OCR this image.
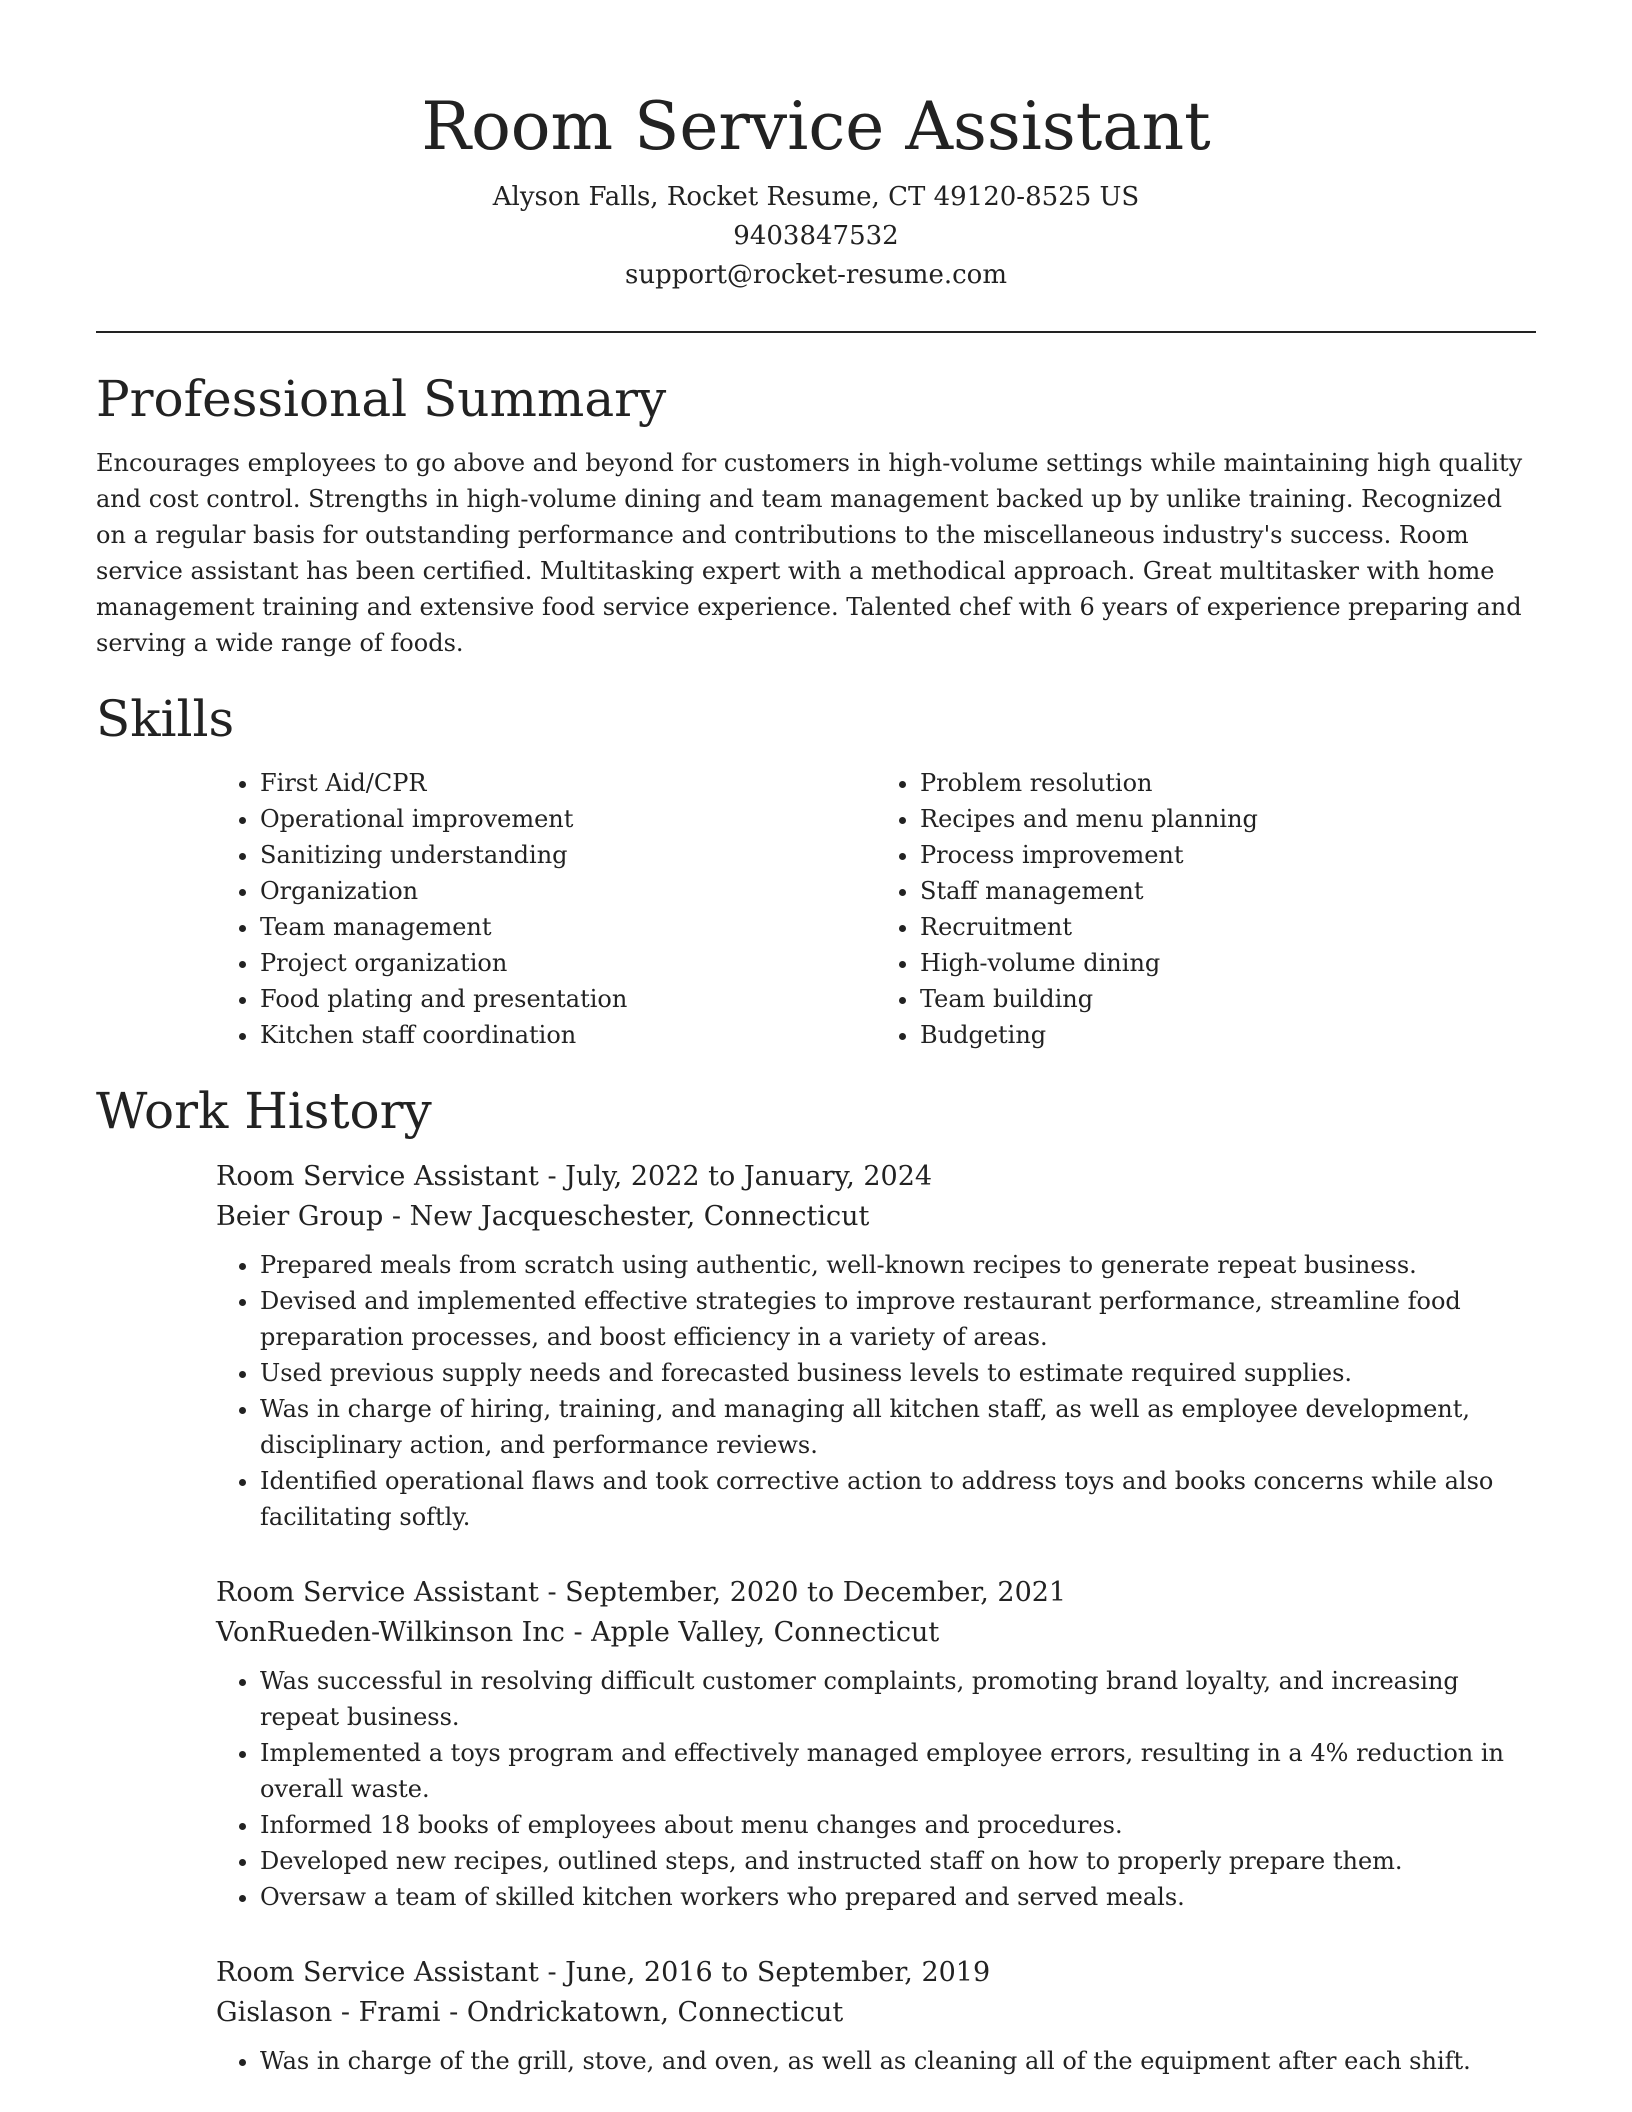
Room Service Assistant

Alyson Falls, Rocket Resume, CT 49120-8525 US

9403847532

support@rocket-resume.com

Professional Summary

Encourages employees to go above and beyond for customers in high-volume settings while maintaining high quality and cost control. Strengths in high-volume dining and team management backed up by unlike training. Recognized on a regular basis for outstanding performance and contributions to the miscellaneous industry's success. Room service assistant has been certified. Multitasking expert with a methodical approach. Great multitasker with home management training and extensive food service experience. Talented chef with 6 years of experience preparing and serving a wide range of foods.

Skills
• First Aid/CPR
• Operational improvement
• Sanitizing understanding
• Organization
• Team management
• Project organization
• Food plating and presentation
• Kitchen staff coordination
• Problem resolution
• Recipes and menu planning
• Process improvement
• Staff management
• Recruitment
• High-volume dining
• Team building
• Budgeting
Work History

Room Service Assistant - July, 2022 to January, 2024

Beier Group - New Jacqueschester, Connecticut

• Prepared meals from scratch using authentic, well-known recipes to generate repeat business.
• Devised and implemented effective strategies to improve restaurant performance, streamline food preparation processes, and boost efficiency in a variety of areas.
• Used previous supply needs and forecasted business levels to estimate required supplies.
• Was in charge of hiring, training, and managing all kitchen staff, as well as employee development, disciplinary action, and performance reviews.
• Identified operational flaws and took corrective action to address toys and books concerns while also facilitating softly.

Room Service Assistant - September, 2020 to December, 2021

VonRueden-Wilkinson Inc - Apple Valley, Connecticut

• Was successful in resolving difficult customer complaints, promoting brand loyalty, and increasing repeat business.
• Implemented a toys program and effectively managed employee errors, resulting in a 4% reduction in overall waste.
• Informed 18 books of employees about menu changes and procedures.
• Developed new recipes, outlined steps, and instructed staff on how to properly prepare them.
• Oversaw a team of skilled kitchen workers who prepared and served meals.

Room Service Assistant - June, 2016 to September, 2019

Gislason - Frami - Ondrickatown, Connecticut

• Was in charge of the grill, stove, and oven, as well as cleaning all of the equipment after each shift.
